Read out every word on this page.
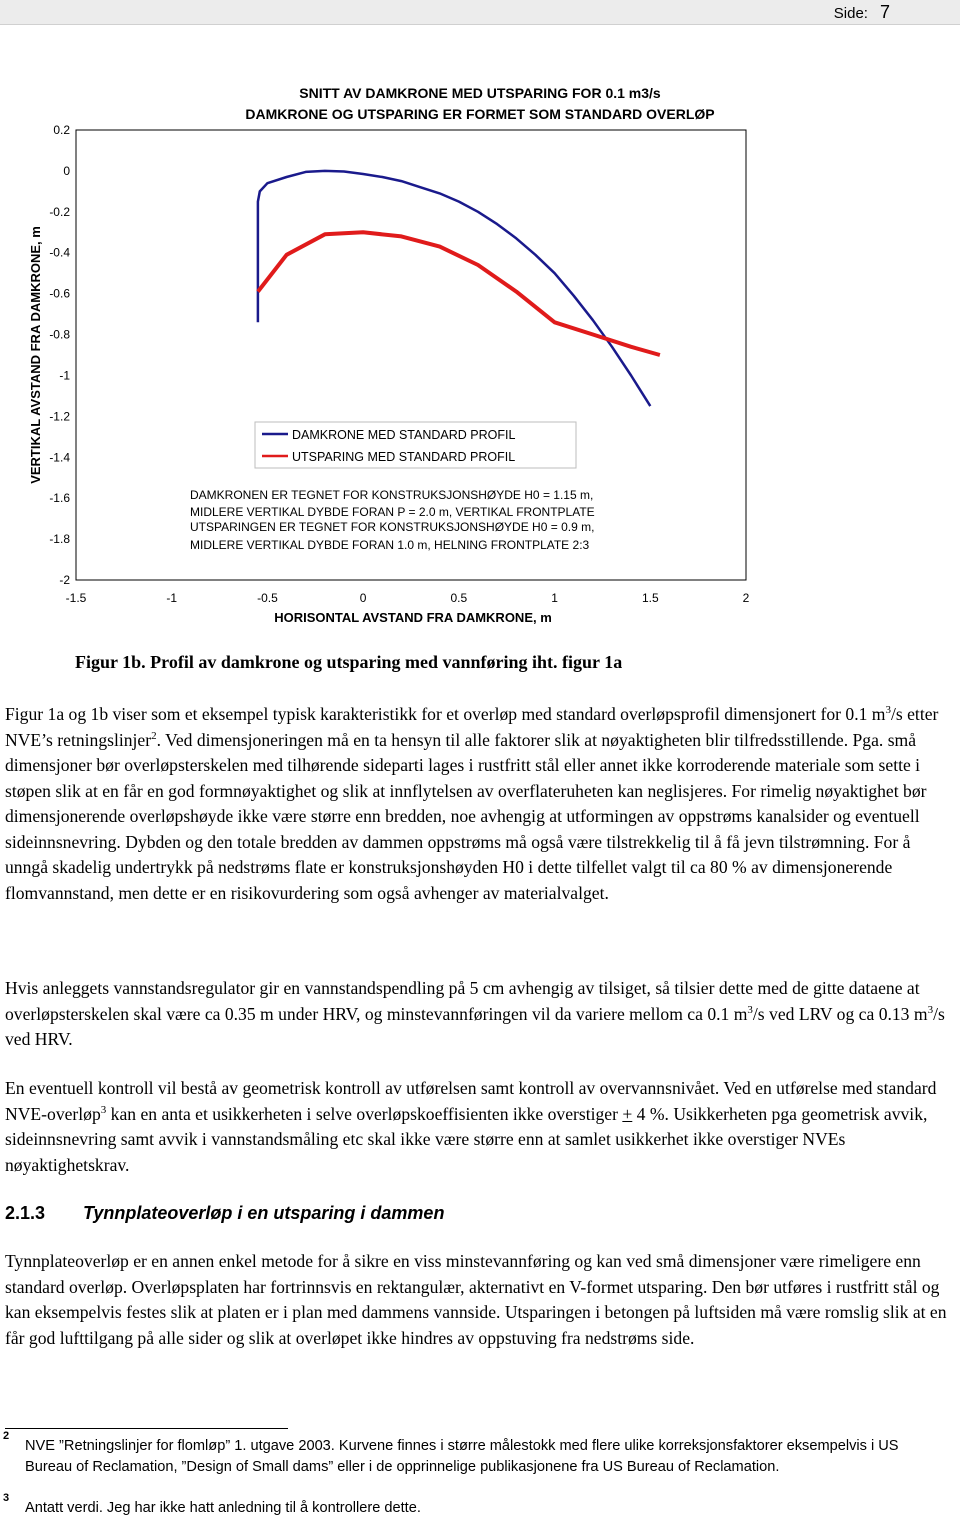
Side: 7
SNITT AV DAMKRONE MED UTSPARING FOR 0.1 m3/s
DAMKRONE OG UTSPARING ER FORMET SOM STANDARD OVERLØP
0.2
0
-0.2
-0.4
-0.6
-0.8
-1
-1.2
-1.4
-1.6
-1.8
-2
-1.5	-1	-0.5	0	0.5	1	1.5	2
VERTIKAL AVSTAND FRA DAMKRONE, m
HORISONTAL AVSTAND FRA DAMKRONE, m
DAMKRONE MED STANDARD PROFIL
UTSPARING MED STANDARD PROFIL
DAMKRONEN ER TEGNET FOR KONSTRUKSJONSHØYDE H0 = 1.15 m,
MIDLERE VERTIKAL DYBDE FORAN P = 2.0 m, VERTIKAL FRONTPLATE
UTSPARINGEN ER TEGNET FOR KONSTRUKSJONSHØYDE H0 = 0.9 m,
MIDLERE VERTIKAL DYBDE FORAN 1.0 m, HELNING FRONTPLATE 2:3
Figur 1b. Profil av damkrone og utsparing med vannføring iht. figur 1a

Figur 1a og 1b viser som et eksempel typisk karakteristikk for et overløp med standard overløpsprofil dimensjonert for 0.1 $m^3/s$ etter NVE’s retningslinjer$^2$. Ved dimensjoneringen må en ta hensyn til alle faktorer slik at nøyaktigheten blir tilfredsstillende. Pga. små dimensjoner bør overløpsterskelen med tilhørende sideparti lages i rustfritt stål eller annet ikke korroderende materiale som sette i støpen slik at en får en god formnøyaktighet og slik at innflytelsen av overflateruheten kan neglisjeres. For rimelig nøyaktighet bør dimensjonerende overløpshøyde ikke være større enn bredden, noe avhengig at utformingen av oppstrøms kanalsider og eventuell sideinnsnevring. Dybden og den totale bredden av dammen oppstrøms må også være tilstrekkelig til å få jevn tilstrømning. For å unngå skadelig undertrykk på nedstrøms flate er konstruksjonshøyden H0 i dette tilfellet valgt til ca 80 % av dimensjonerende flomvannstand, men dette er en risikovurdering som også avhenger av materialvalget.

Hvis anleggets vannstandsregulator gir en vannstandspendling på 5 cm avhengig av tilsiget, så tilsier dette med de gitte dataene at overløpsterskelen skal være ca 0.35 m under HRV, og minstevannføringen vil da variere mellom ca 0.1 $m^3/s$ ved LRV og ca 0.13 $m^3/s$ ved HRV.

En eventuell kontroll vil bestå av geometrisk kontroll av utførelsen samt kontroll av overvannsnivået. Ved en utførelse med standard NVE-overløp$^3$ kan en anta et usikkerheten i selve overløpskoeffisienten ikke overstiger + 4 %. Usikkerheten pga geometrisk avvik, sideinnsnevring samt avvik i vannstandsmåling etc skal ikke være større enn at samlet usikkerhet ikke overstiger NVEs nøyaktighetskrav.

2.1.3 Tynnplateoverløp i en utsparing i dammen

Tynnplateoverløp er en annen enkel metode for å sikre en viss minstevannføring og kan ved små dimensjoner være rimeligere enn standard overløp. Overløpsplaten har fortrinnsvis en rektangulær, akternativt en V-formet utsparing. Den bør utføres i rustfritt stål og kan eksempelvis festes slik at platen er i plan med dammens vannside. Utsparingen i betongen på luftsiden må være romslig slik at en får god lufttilgang på alle sider og slik at overløpet ikke hindres av oppstuving fra nedstrøms side.

2
NVE ”Retningslinjer for flomløp” 1. utgave 2003. Kurvene finnes i større målestokk med flere ulike korreksjonsfaktorer eksempelvis i US Bureau of Reclamation, ”Design of Small dams” eller i de opprinnelige publikasjonene fra US Bureau of Reclamation.

3
Antatt verdi. Jeg har ikke hatt anledning til å kontrollere dette.
